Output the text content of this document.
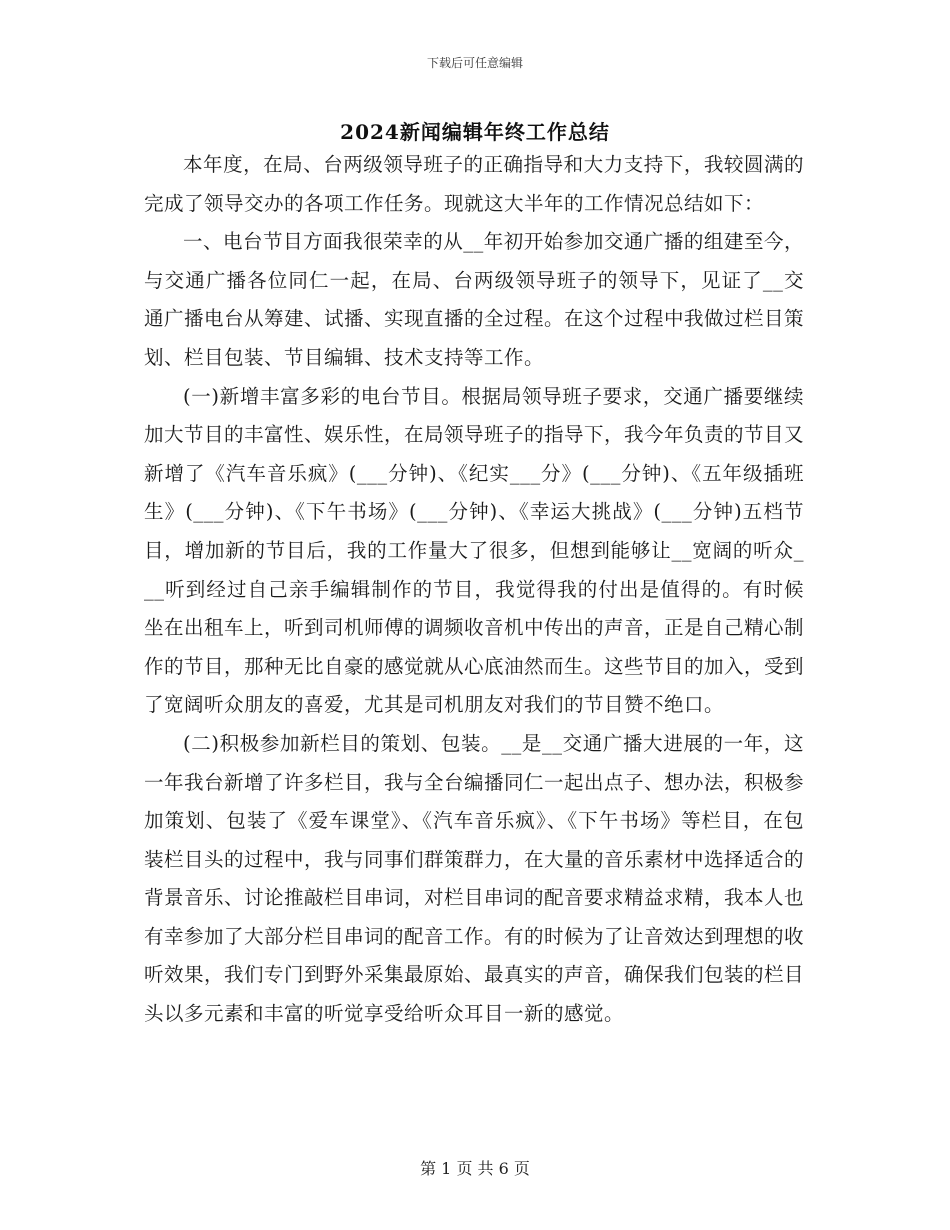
下载后可任意编辑
2024新闻编辑年终工作总结

本年度，在局、台两级领导班子的正确指导和大力支持下，我较圆满的完成了领导交办的各项工作任务。现就这大半年的工作情况总结如下：

一、电台节目方面我很荣幸的从__年初开始参加交通广播的组建至今，与交通广播各位同仁一起，在局、台两级领导班子的领导下，见证了__交通广播电台从筹建、试播、实现直播的全过程。在这个过程中我做过栏目策划、栏目包装、节目编辑、技术支持等工作。

(一)新增丰富多彩的电台节目。根据局领导班子要求，交通广播要继续加大节目的丰富性、娱乐性，在局领导班子的指导下，我今年负责的节目又新增了《汽车音乐疯》(___分钟)、《纪实___分》(___分钟)、《五年级插班生》(___分钟)、《下午书场》(___分钟)、《幸运大挑战》(___分钟)五档节目，增加新的节目后，我的工作量大了很多，但想到能够让__宽阔的听众___听到经过自己亲手编辑制作的节目，我觉得我的付出是值得的。有时候坐在出租车上，听到司机师傅的调频收音机中传出的声音，正是自己精心制作的节目，那种无比自豪的感觉就从心底油然而生。这些节目的加入，受到了宽阔听众朋友的喜爱，尤其是司机朋友对我们的节目赞不绝口。

(二)积极参加新栏目的策划、包装。__是__交通广播大进展的一年，这一年我台新增了许多栏目，我与全台编播同仁一起出点子、想办法，积极参加策划、包装了《爱车课堂》、《汽车音乐疯》、《下午书场》等栏目，在包装栏目头的过程中，我与同事们群策群力，在大量的音乐素材中选择适合的背景音乐、讨论推敲栏目串词，对栏目串词的配音要求精益求精，我本人也有幸参加了大部分栏目串词的配音工作。有的时候为了让音效达到理想的收听效果，我们专门到野外采集最原始、最真实的声音，确保我们包装的栏目头以多元素和丰富的听觉享受给听众耳目一新的感觉。

第 1 页 共 6 页
